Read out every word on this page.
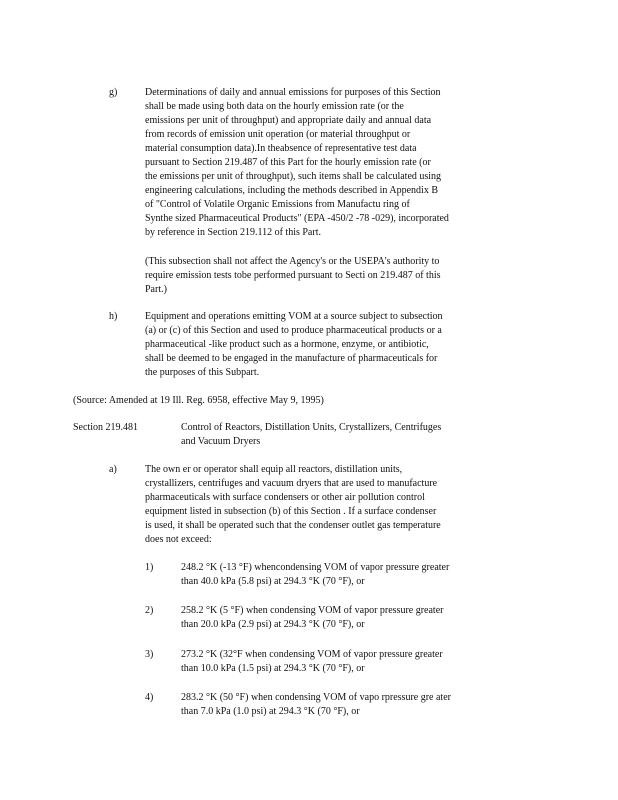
g)	Determinations of daily and annual emissions for purposes of this Section
shall be made using both data on the hourly emission rate (or the
emissions per unit of throughput) and appropriate daily and annual data
from records of emission unit operation (or material throughput or
material consumption data).In theabsence of representative test data
pursuant to Section 219.487 of this Part for the hourly emission rate (or
the emissions per unit of throughput), such items shall be calculated using
engineering calculations, including the methods described in Appendix B
of "Control of Volatile Organic Emissions from Manufactu ring of
Synthe sized Pharmaceutical Products" (EPA -450/2 -78 -029), incorporated
by reference in Section 219.112 of this Part.
(This subsection shall not affect the Agency's or the USEPA's authority to
require emission tests tobe performed pursuant to Secti on 219.487 of this
Part.)
h)	Equipment and operations emitting VOM at a source subject to subsection
(a) or (c) of this Section and used to produce pharmaceutical products or a
pharmaceutical -like product such as a hormone, enzyme, or antibiotic,
shall be deemed to be engaged in the manufacture of pharmaceuticals for
the purposes of this Subpart.
(Source: Amended at 19 Ill. Reg. 6958, effective May 9, 1995)
Section 219.481	Control of Reactors, Distillation Units, Crystallizers, Centrifuges
and Vacuum Dryers
a)	The own er or operator shall equip all reactors, distillation units,
crystallizers, centrifuges and vacuum dryers that are used to manufacture
pharmaceuticals with surface condensers or other air pollution control
equipment listed in subsection (b) of this Section . If a surface condenser
is used, it shall be operated such that the condenser outlet gas temperature
does not exceed:
1)	248.2 °K (-13 °F) whencondensing VOM of vapor pressure greater
than 40.0 kPa (5.8 psi) at 294.3 °K (70 °F), or
2)	258.2 °K (5 °F) when condensing VOM of vapor pressure greater
than 20.0 kPa (2.9 psi) at 294.3 °K (70 °F), or
3)	273.2 °K (32°F when condensing VOM of vapor pressure greater
than 10.0 kPa (1.5 psi) at 294.3 °K (70 °F), or
4)	283.2 °K (50 °F) when condensing VOM of vapo rpressure gre ater
than 7.0 kPa (1.0 psi) at 294.3 °K (70 °F), or
